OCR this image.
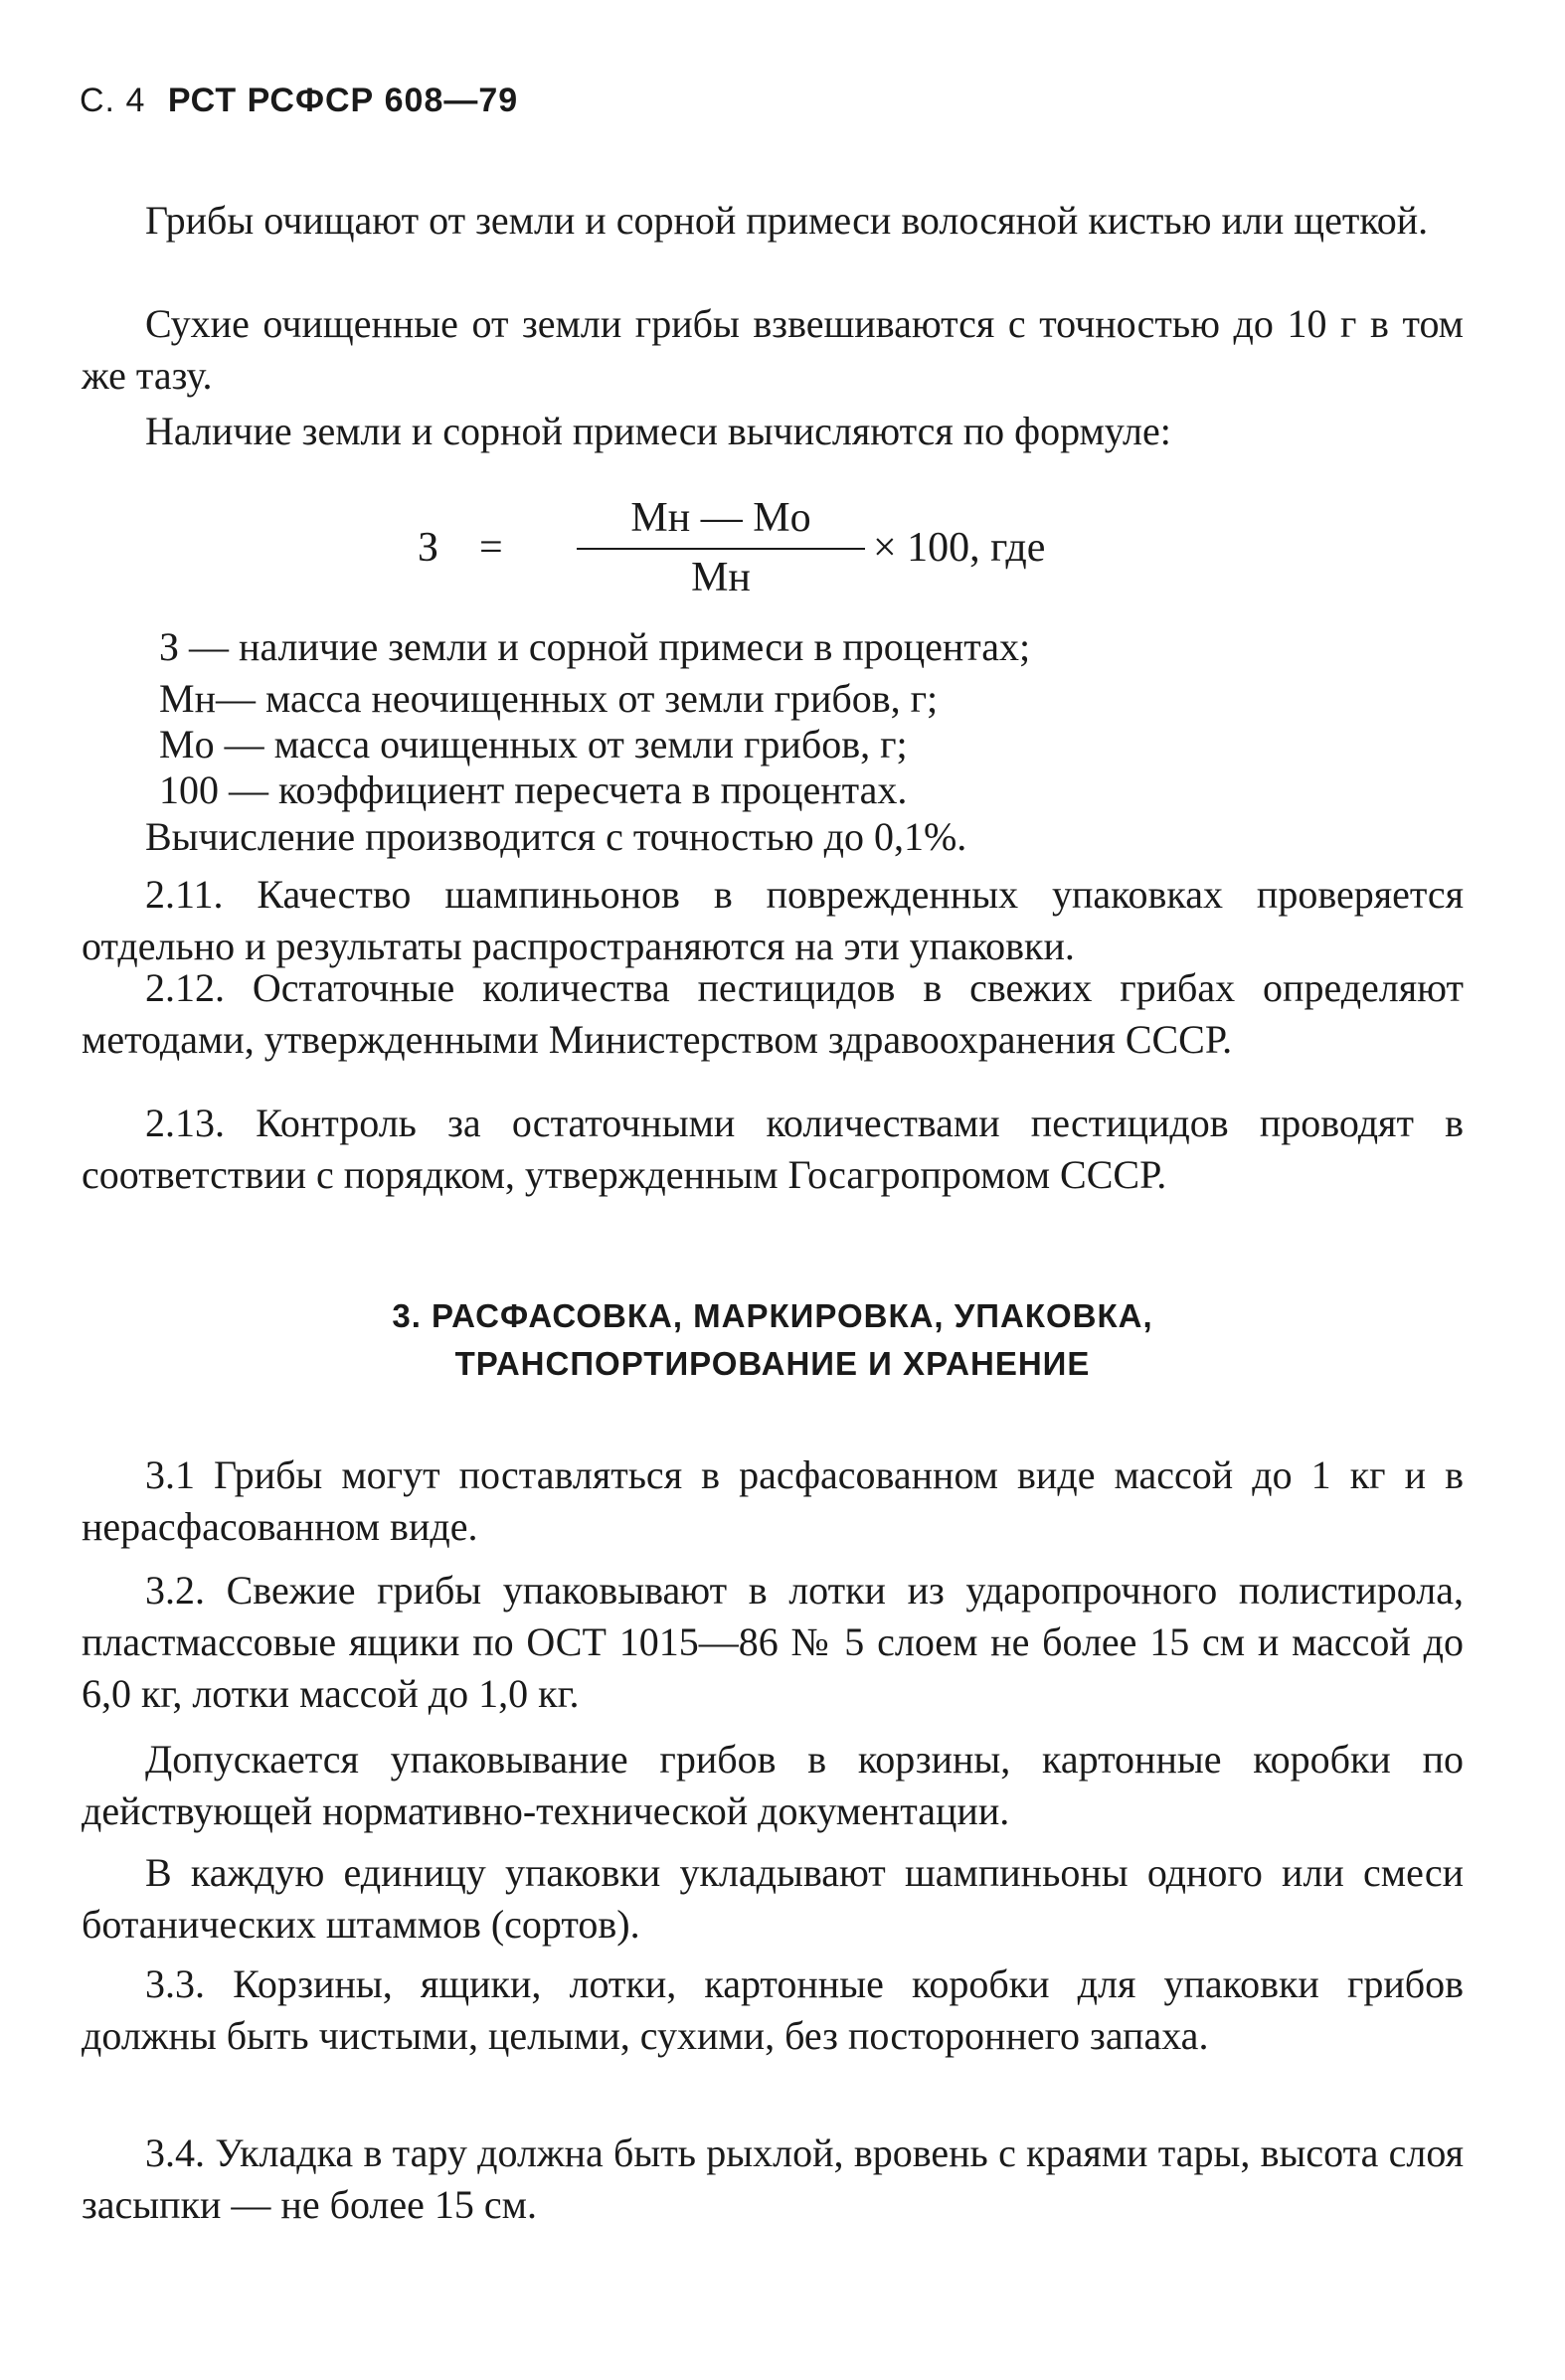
С. 4 РСТ РСФСР 608—79

Грибы очищают от земли и сорной примеси волосяной кистью или щеткой.

Сухие очищенные от земли грибы взвешиваются с точностью до 10 г в том же тазу.

Наличие земли и сорной примеси вычисляются по формуле:

З =
Mн — Mо
Mн
× 100, где
З — наличие земли и сорной примеси в процентах;
Mн— масса неочищенных от земли грибов, г;
Mо — масса очищенных от земли грибов, г;
100 — коэффициент пересчета в процентах.

Вычисление производится с точностью до 0,1%.

2.11. Качество шампиньонов в поврежденных упаковках проверяется отдельно и результаты распространяются на эти упаковки.

2.12. Остаточные количества пестицидов в свежих грибах определяют методами, утвержденными Министерством здравоохранения СССР.

2.13. Контроль за остаточными количествами пестицидов проводят в соответствии с порядком, утвержденным Госагропромом СССР.

3. РАСФАСОВКА, МАРКИРОВКА, УПАКОВКА,
ТРАНСПОРТИРОВАНИЕ И ХРАНЕНИЕ

3.1 Грибы могут поставляться в расфасованном виде массой до 1 кг и в нерасфасованном виде.

3.2. Свежие грибы упаковывают в лотки из ударопрочного полистирола, пластмассовые ящики по ОСТ 1015—86 № 5 слоем не более 15 см и массой до 6,0 кг, лотки массой до 1,0 кг.

Допускается упаковывание грибов в корзины, картонные коробки по действующей нормативно-технической документации.

В каждую единицу упаковки укладывают шампиньоны одного или смеси ботанических штаммов (сортов).

3.3. Корзины, ящики, лотки, картонные коробки для упаковки грибов должны быть чистыми, целыми, сухими, без постороннего запаха.

3.4. Укладка в тару должна быть рыхлой, вровень с краями тары, высота слоя засыпки — не более 15 см.
